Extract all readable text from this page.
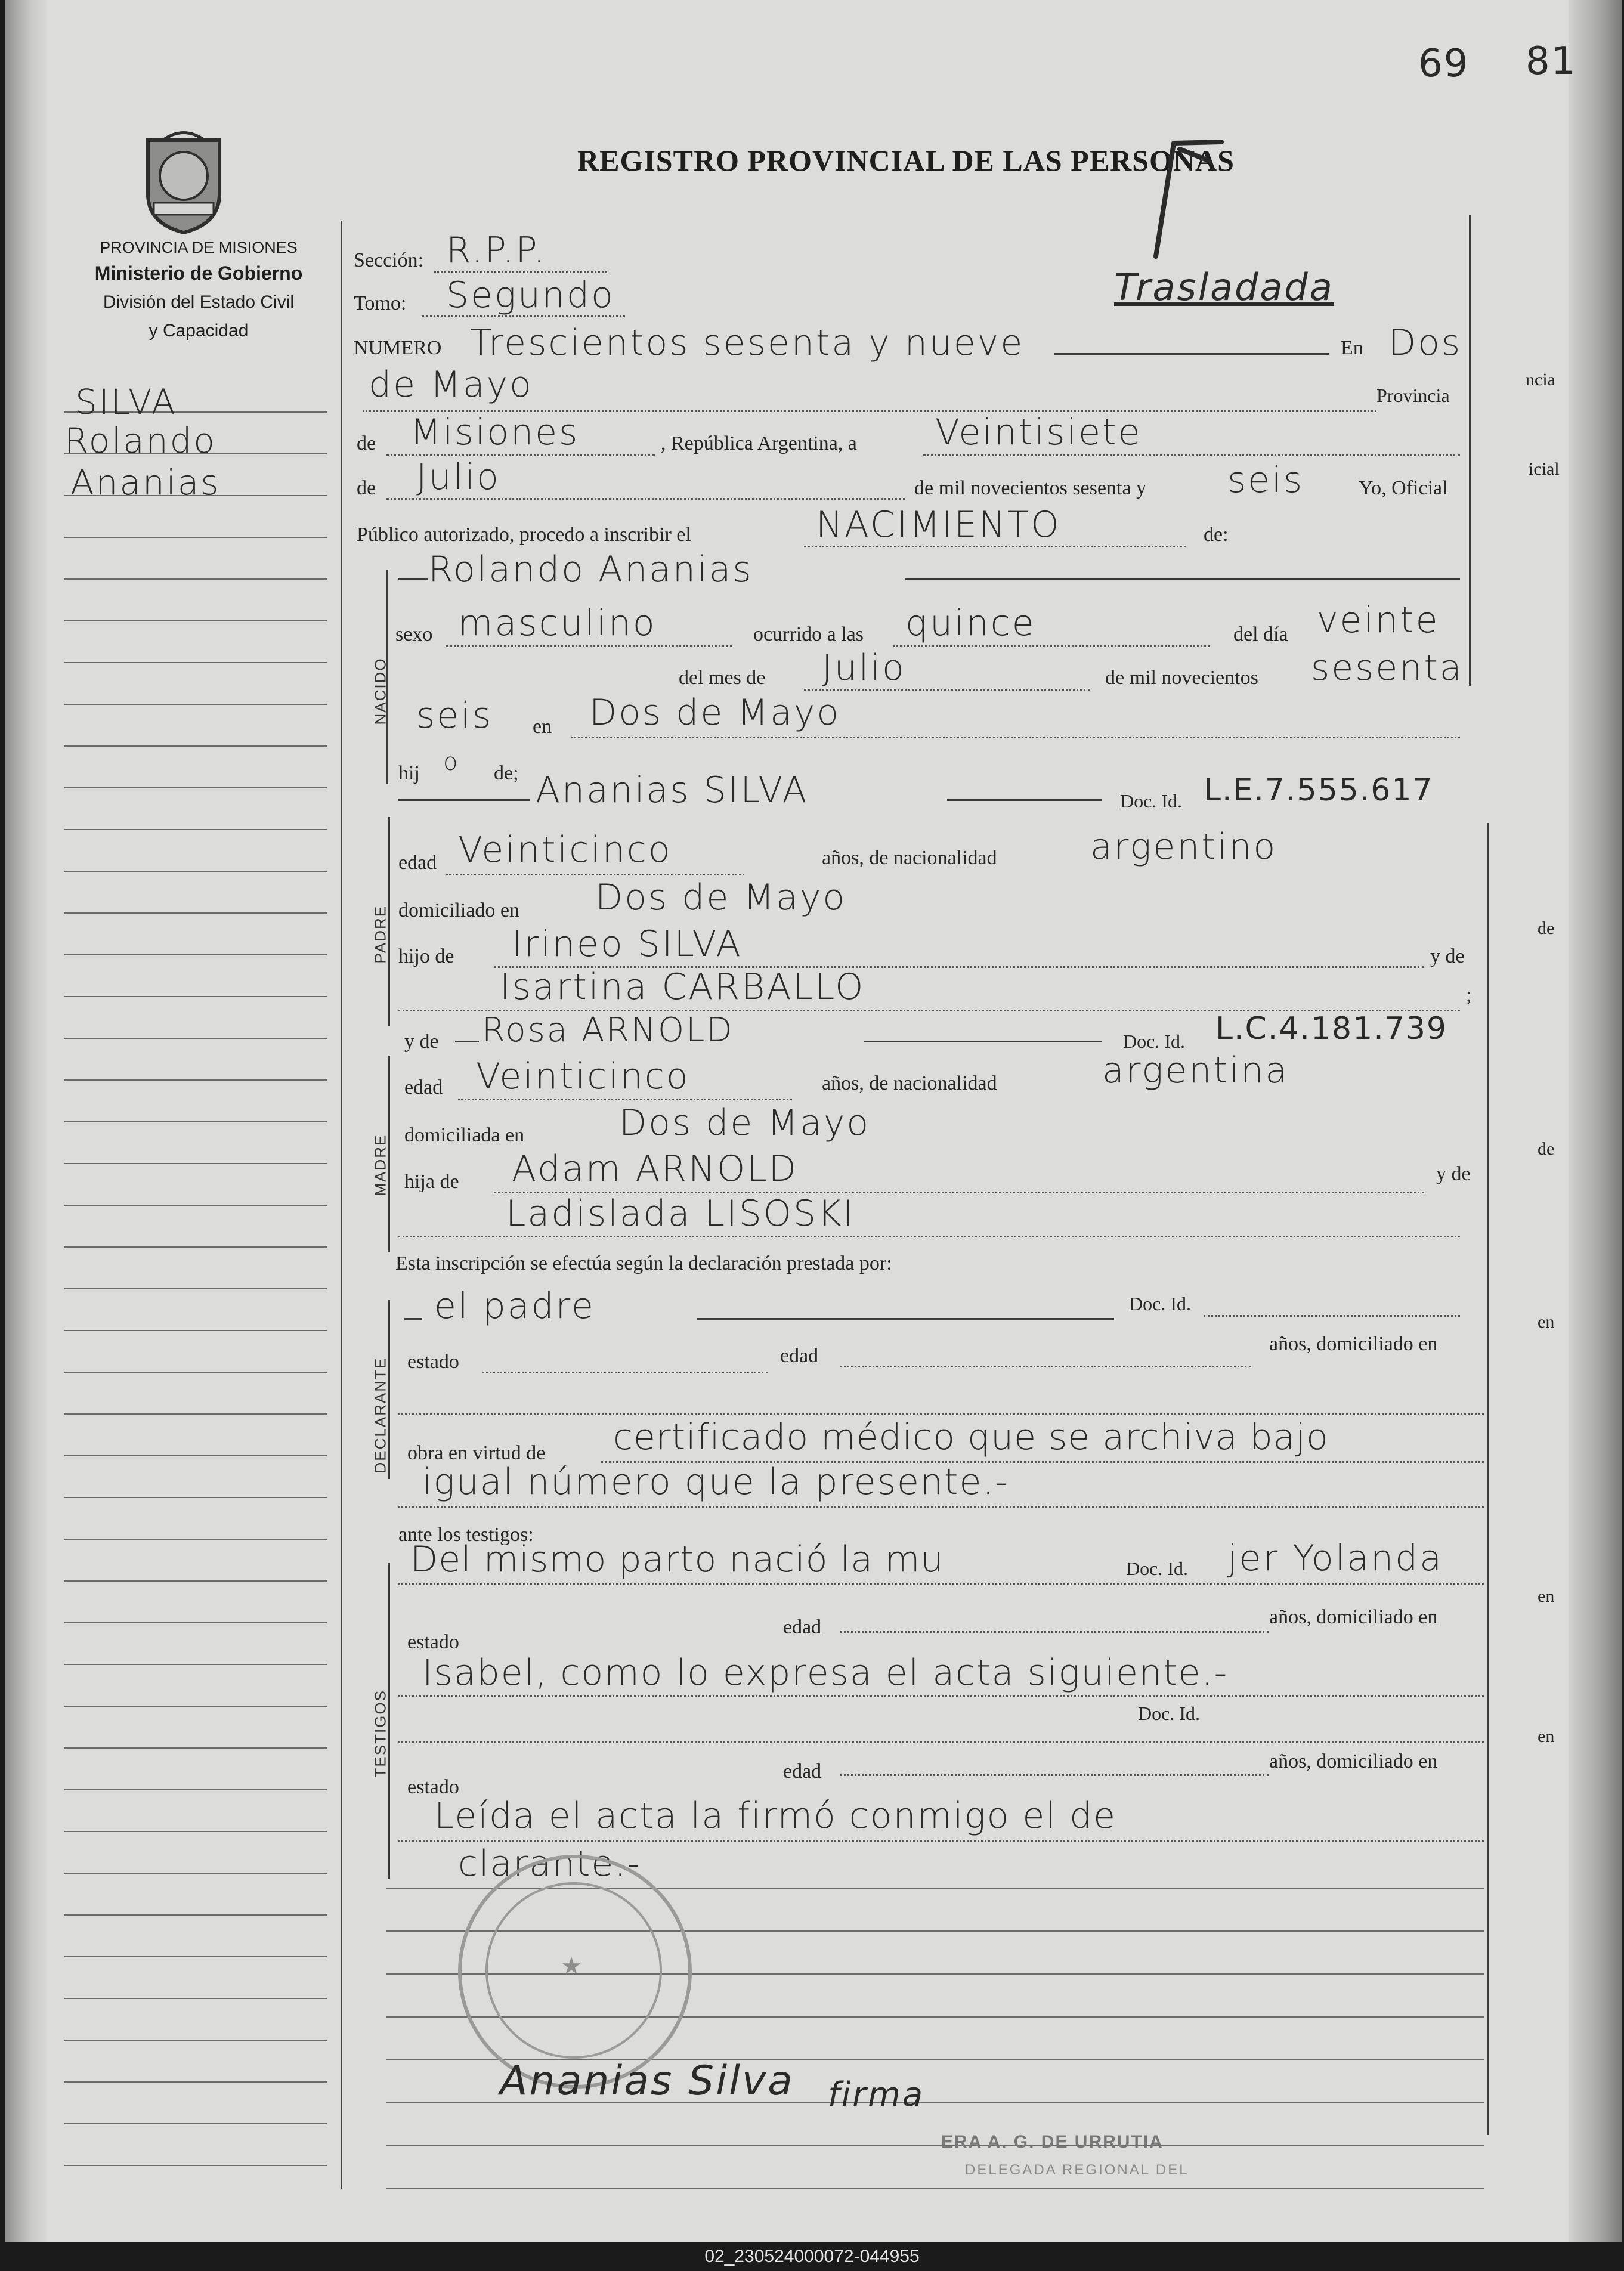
69 81
PROVINCIA DE MISIONES
Ministerio de Gobierno
División del Estado Civil
y Capacidad
SILVA
Rolando
Ananias
REGISTRO PROVINCIAL DE LAS PERSONAS
Sección: R.P.P.
Tomo: Segundo	Trasladada
NUMERO Trescientos sesenta y nueve	En Dos
de Mayo	Provincia
de Misiones	, República Argentina, a Veintisiete
de Julio	de mil novecientos sesenta y seis	Yo, Oficial
Público autorizado, procedo a inscribir el	NACIMIENTO	de:
NACIDO
Rolando Ananias
sexo masculino	ocurrido a las quince	del día veinte
del mes de Julio	de mil novecientos sesenta
seis en Dos de Mayo
hij o de; Ananias SILVA	Doc. Id. L.E.7.555.617
PADRE
edad Veinticinco	años, de nacionalidad	argentino
domiciliado en Dos de Mayo
hijo de Irineo SILVA	y de
Isartina CARBALLO	;
y de Rosa ARNOLD	Doc. Id. L.C.4.181.739
MADRE
edad Veinticinco	años, de nacionalidad	argentina
domiciliada en	Dos de Mayo
hija de Adam ARNOLD	y de
Ladislada LISOSKI
Esta inscripción se efectúa según la declaración prestada por:
DECLARANTE
el padre	Doc. Id.
estado	edad
años, domiciliado en
obra en virtud de certificado médico que se archiva bajo
igual número que la presente.-
ante los testigos:
TESTIGOS
Del mismo parto nació la mu	Doc. Id. jer Yolanda
estado
edad	años, domiciliado en
Isabel, como lo expresa el acta siguiente.-
Doc. Id.
estado
edad	años, domiciliado en
Leída el acta la firmó conmigo el de
clarante.-
★
Ananias Silva firma
ERA A. G. DE URRUTIA
DELEGADA REGIONAL DEL
ncia
icial
de
de
en
en
en
02_230524000072-044955
